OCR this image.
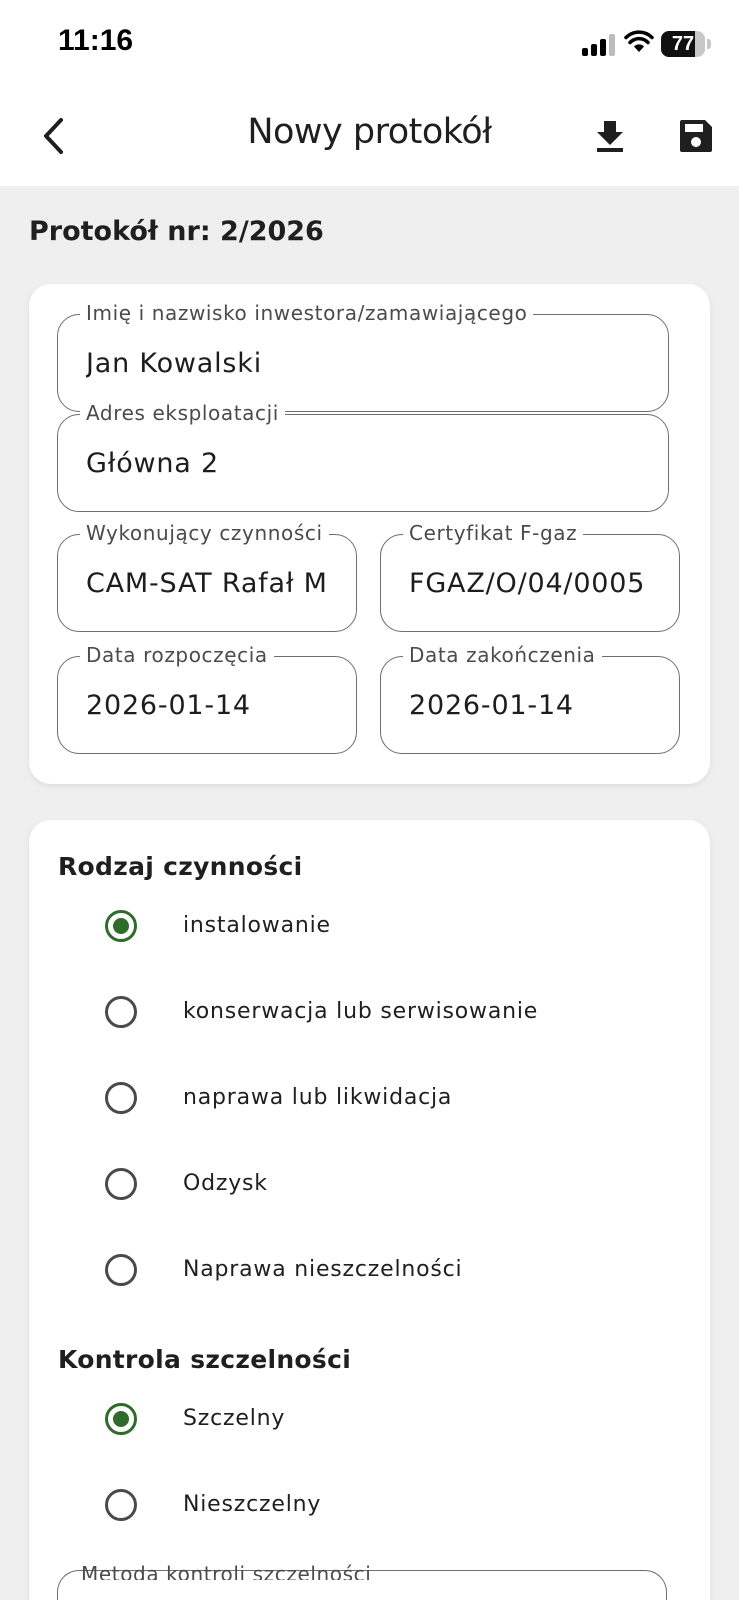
11:16	77
Nowy protokół
Protokół nr: 2/2026
Imię i nazwisko inwestora/zamawiającego
Jan Kowalski
Adres eksploatacji
Główna 2
Wykonujący czynności
CAM-SAT Rafał M
Certyfikat F-gaz
FGAZ/O/04/0005
Data rozpoczęcia
2026-01-14
Data zakończenia
2026-01-14
Rodzaj czynności
instalowanie
konserwacja lub serwisowanie
naprawa lub likwidacja
Odzysk
Naprawa nieszczelności
Kontrola szczelności
Szczelny
Nieszczelny
Metoda kontroli szczelności
